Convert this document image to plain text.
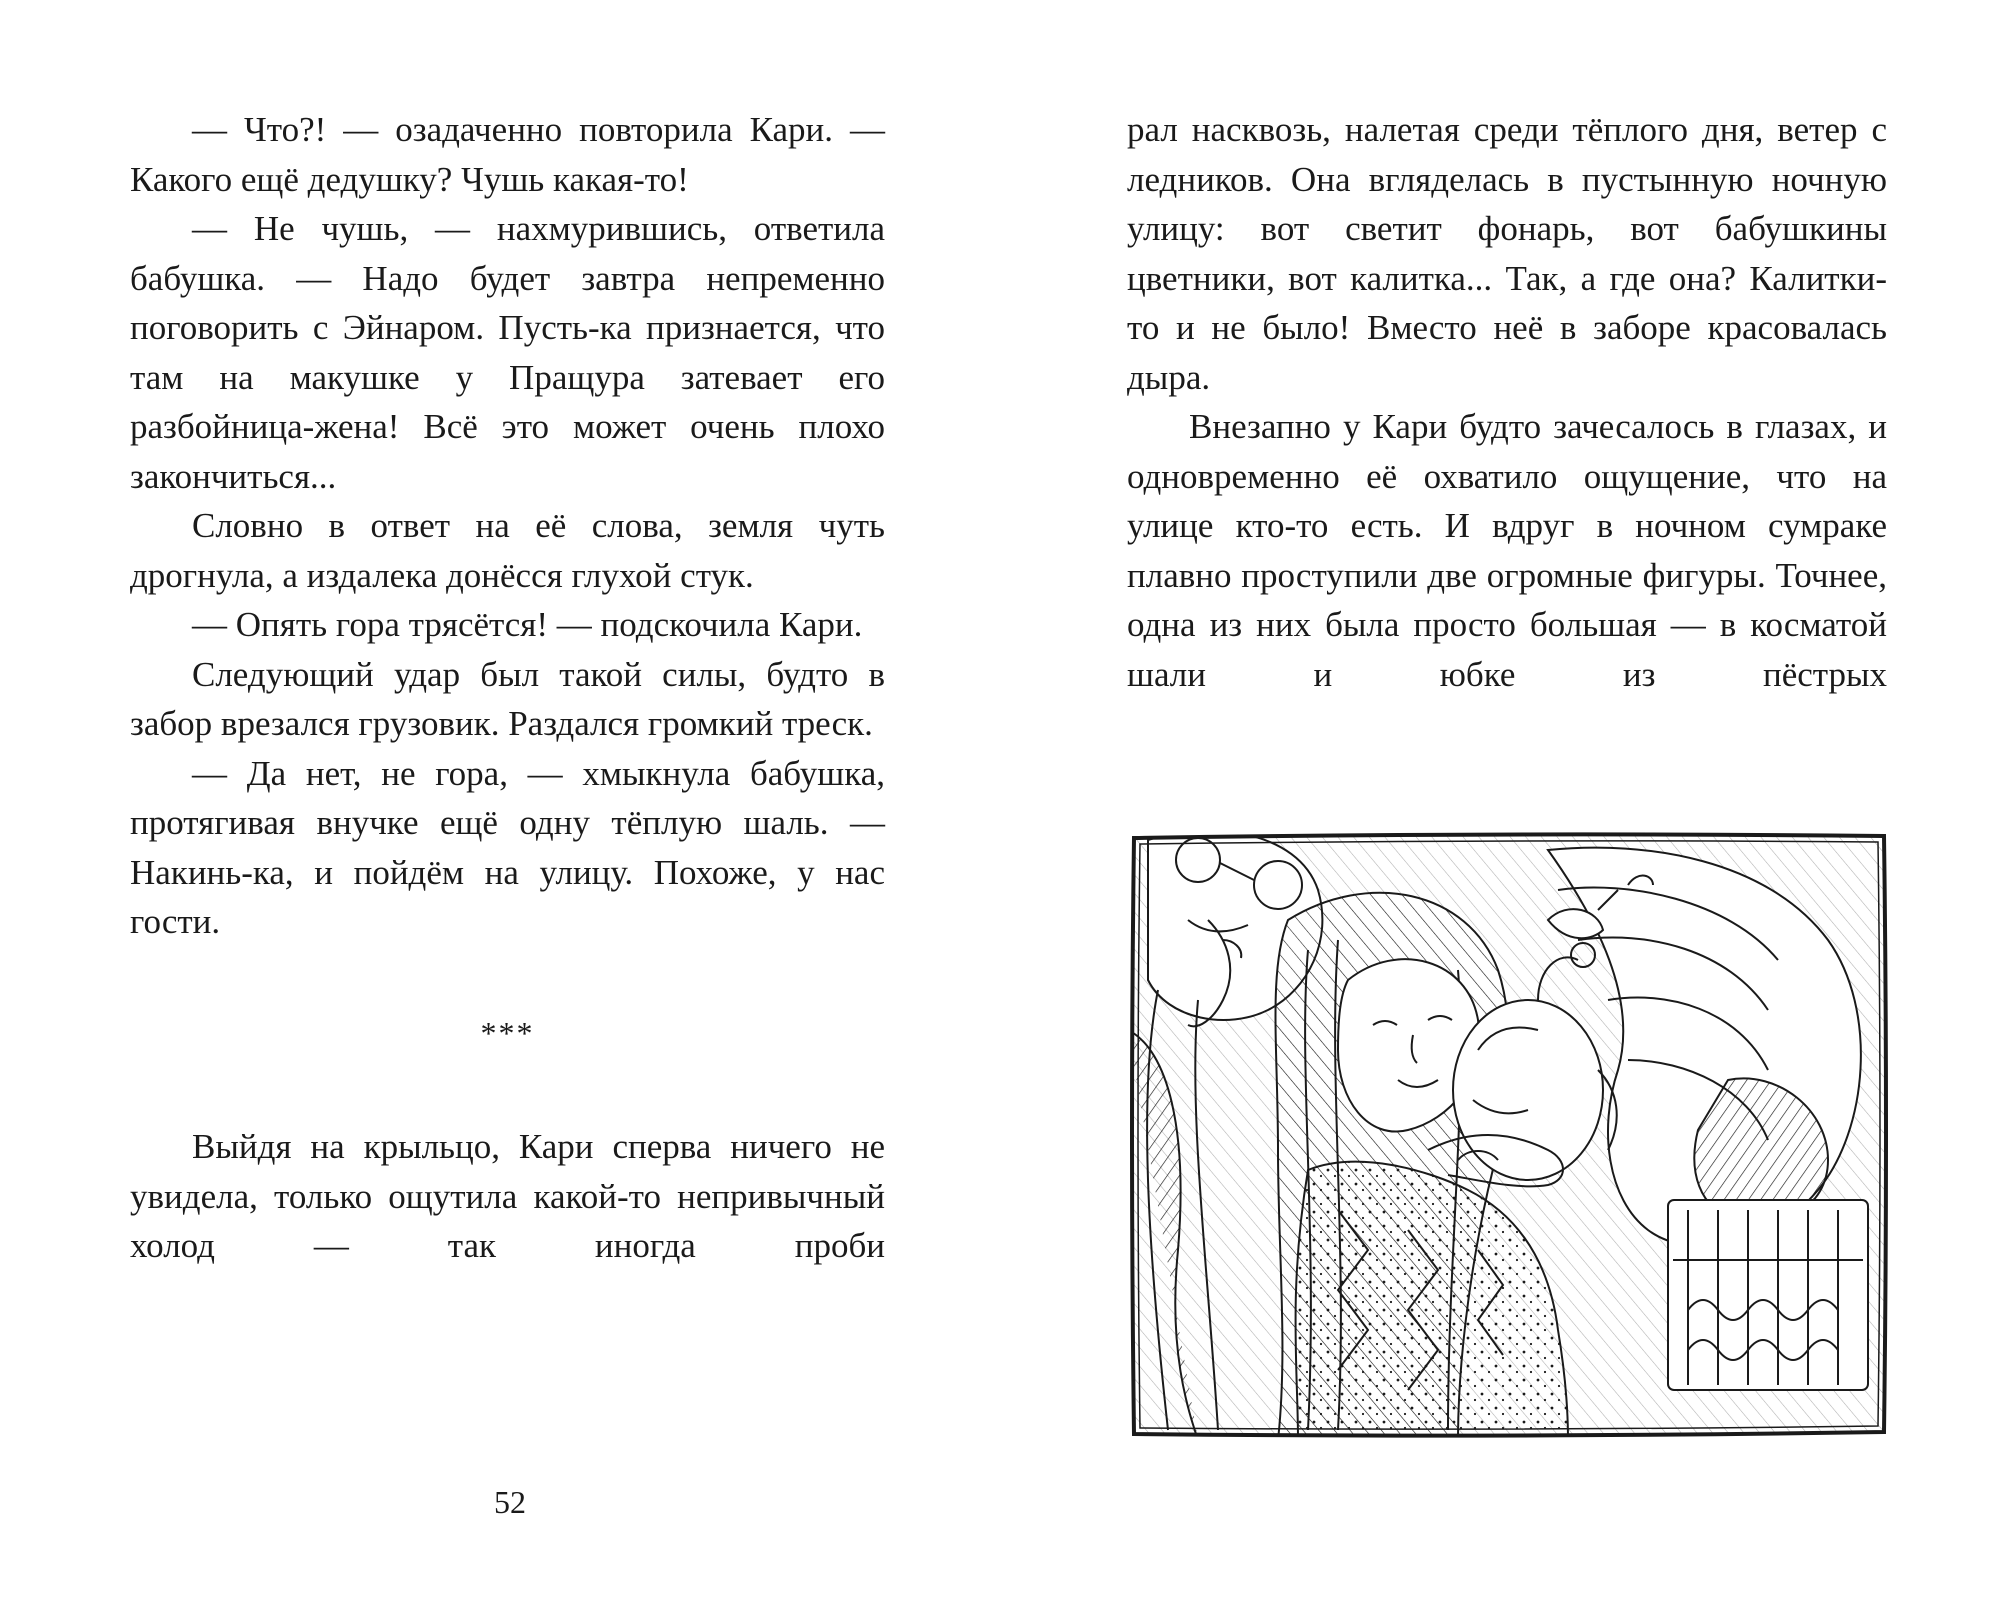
— Что?! — озадаченно повторила Кари. — Какого ещё дедушку? Чушь какая-то!

— Не чушь, — нахмурившись, ответила бабушка. — Надо будет завтра непременно поговорить с Эйнаром. Пусть-ка признается, что там на макушке у Пращура затевает его разбойница-жена! Всё это может очень плохо закончиться...

Словно в ответ на её слова, земля чуть дрогнула, а издалека донёсся глухой стук.

— Опять гора трясётся! — подскочила Кари.

Следующий удар был такой силы, будто в забор врезался грузовик. Раздался громкий треск.

— Да нет, не гора, — хмыкнула бабушка, протягивая внучке ещё одну тёплую шаль. — Накинь-ка, и пойдём на улицу. Похоже, у нас гости.

***

Выйдя на крыльцо, Кари сперва ничего не увидела, только ощутила какой-то непривычный холод — так иногда проби

52

рал насквозь, налетая среди тёплого дня, ветер с ледников. Она вгляделась в пустынную ночную улицу: вот светит фонарь, вот бабушкины цветники, вот калитка... Так, а где она? Калитки-то и не было! Вместо неё в заборе красовалась дыра.

Внезапно у Кари будто зачесалось в глазах, и одновременно её охватило ощущение, что на улице кто-то есть. И вдруг в ночном сумраке плавно проступили две огромные фигуры. Точнее, одна из них была просто большая — в косматой шали и юбке из пёстрых
